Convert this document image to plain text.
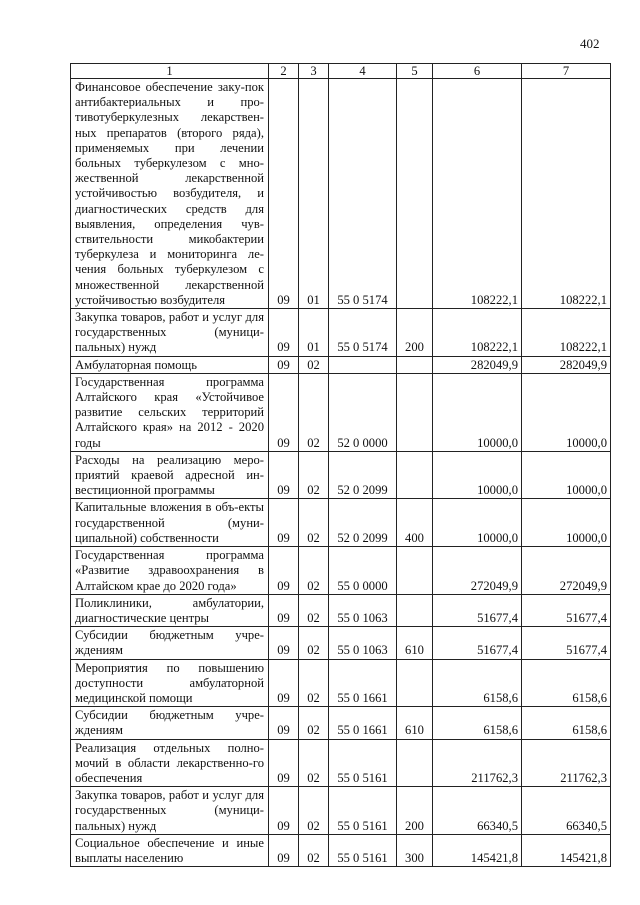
402
1	2	3	4	5	6	7
Финансовое обеспечение заку-пок антибактериальных и про-тивотуберкулезных лекарствен-ных препаратов (второго ряда), применяемых при лечении больных туберкулезом с мно-жественной лекарственной устойчивостью возбудителя, и диагностических средств для выявления, определения чув-ствительности микобактерии туберкулеза и мониторинга ле-чения больных туберкулезом с множественной лекарственной устойчивостью возбудителя	09	01	55 0 5174		108222,1	108222,1
Закупка товаров, работ и услуг для государственных (муници-пальных) нужд	09	01	55 0 5174	200	108222,1	108222,1
Амбулаторная помощь	09	02			282049,9	282049,9
Государственная программа Алтайского края «Устойчивое развитие сельских территорий Алтайского края» на 2012 - 2020 годы	09	02	52 0 0000		10000,0	10000,0
Расходы на реализацию меро-приятий краевой адресной ин-вестиционной программы	09	02	52 0 2099		10000,0	10000,0
Капитальные вложения в объ-екты государственной (муни-ципальной) собственности	09	02	52 0 2099	400	10000,0	10000,0
Государственная программа «Развитие здравоохранения в Алтайском крае до 2020 года»	09	02	55 0 0000		272049,9	272049,9
Поликлиники, амбулатории, диагностические центры	09	02	55 0 1063		51677,4	51677,4
Субсидии бюджетным учре-ждениям	09	02	55 0 1063	610	51677,4	51677,4
Мероприятия по повышению доступности амбулаторной медицинской помощи	09	02	55 0 1661		6158,6	6158,6
Субсидии бюджетным учре-ждениям	09	02	55 0 1661	610	6158,6	6158,6
Реализация отдельных полно-мочий в области лекарственно-го обеспечения	09	02	55 0 5161		211762,3	211762,3
Закупка товаров, работ и услуг для государственных (муници-пальных) нужд	09	02	55 0 5161	200	66340,5	66340,5
Социальное обеспечение и иные выплаты населению	09	02	55 0 5161	300	145421,8	145421,8
